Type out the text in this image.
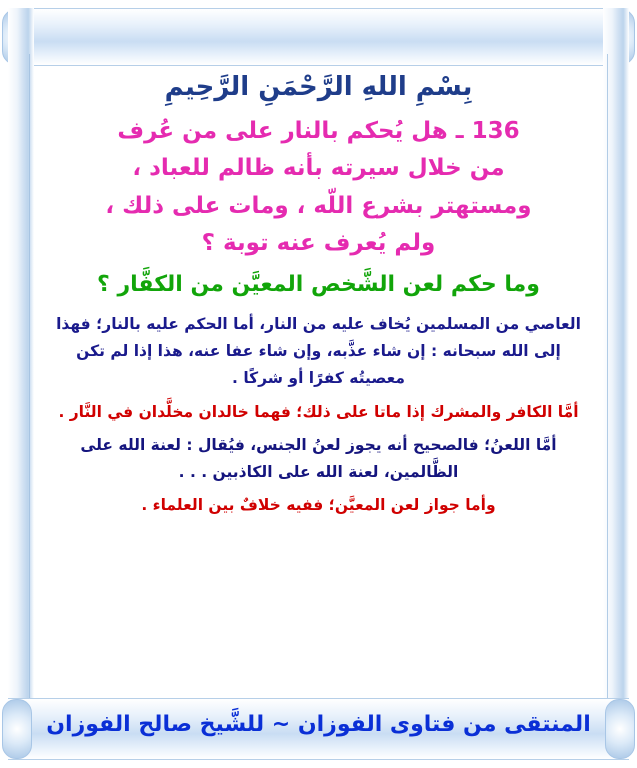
بِسْمِ اللهِ الرَّحْمَنِ الرَّحِيمِ
136 ـ هل يُحكم بالنار على من عُرف
من خلال سيرته بأنه ظالم للعباد ،
ومستهتر بشرع اللّه ، ومات على ذلك ،
ولم يُعرف عنه توبة ؟
وما حكم لعن الشَّخص المعيَّن من الكفَّار ؟

العاصي من المسلمين يُخاف عليه من النار، أما الحكم عليه بالنار؛ فهذا إلى الله سبحانه : إن شاء عذَّبه، وإن شاء عفا عنه، هذا إذا لم تكن معصيتُه كفرًا أو شركًا .

أمَّا الكافر والمشرك إذا ماتا على ذلك؛ فهما خالدان مخلَّدان في النَّار .

أمَّا اللعنُ؛ فالصحيح أنه يجوز لعنُ الجنس، فيُقال : لعنة الله على الظَّالمين، لعنة الله على الكاذبين . . .

وأما جواز لعن المعيَّن؛ ففيه خلافٌ بين العلماء .

المنتقى من فتاوى الفوزان ~ للشَّيخ صالح الفوزان
